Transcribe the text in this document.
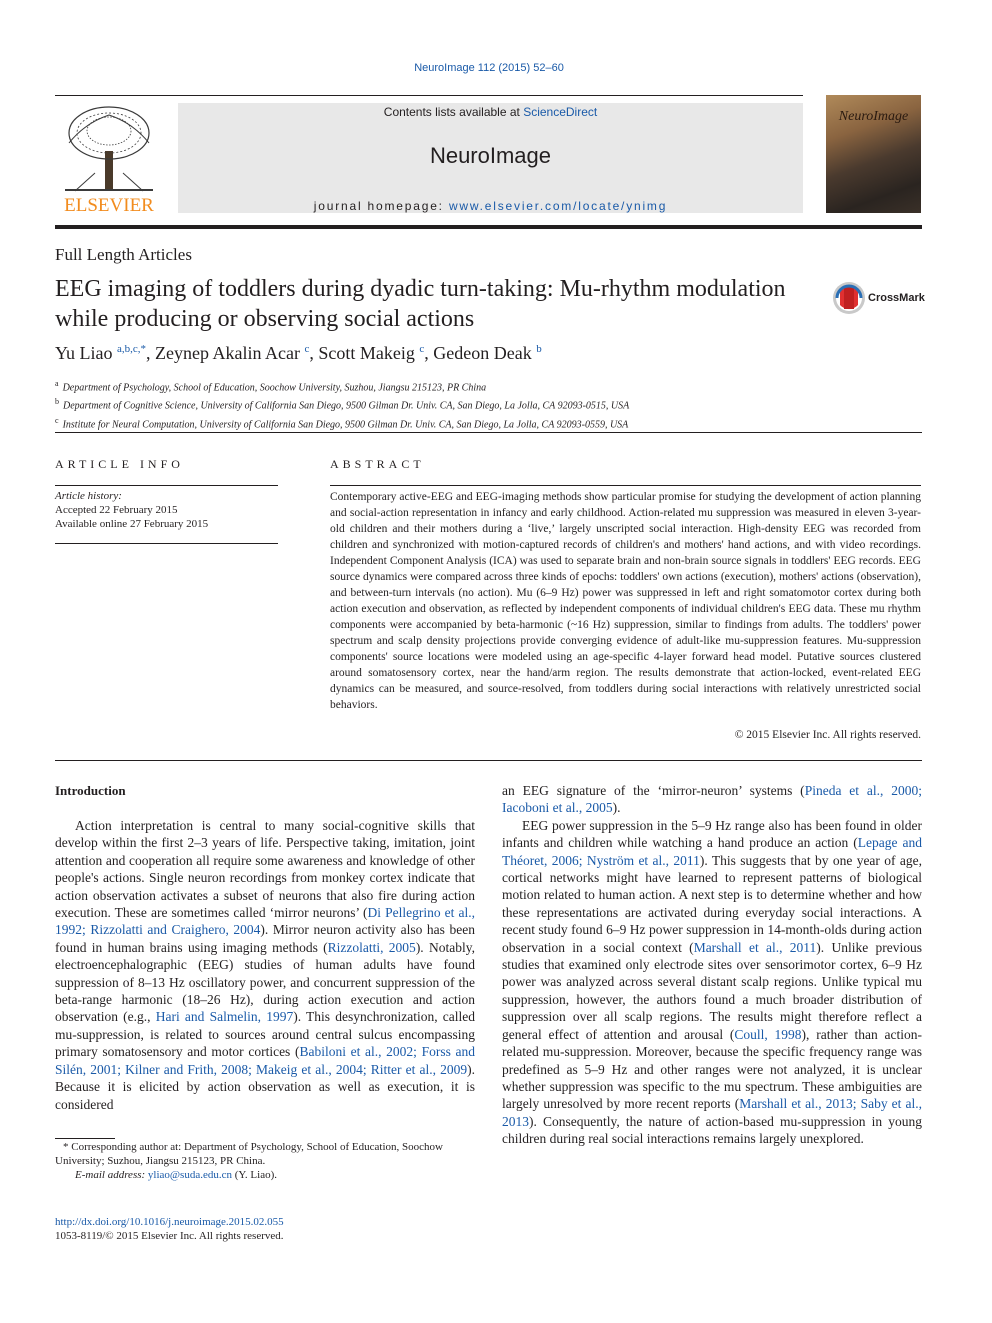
NeuroImage 112 (2015) 52–60
ELSEVIER
Contents lists available at ScienceDirect
NeuroImage
journal homepage: www.elsevier.com/locate/ynimg
NeuroImage
Full Length Articles
EEG imaging of toddlers during dyadic turn-taking: Mu-rhythm modulation while producing or observing social actions
CrossMark
Yu Liao $^{a,b,c,*}$, Zeynep Akalin Acar $^c$, Scott Makeig $^c$, Gedeon Deak $^b$
$^a$ Department of Psychology, School of Education, Soochow University, Suzhou, Jiangsu 215123, PR China
$^b$ Department of Cognitive Science, University of California San Diego, 9500 Gilman Dr. Univ. CA, San Diego, La Jolla, CA 92093-0515, USA
$^c$ Institute for Neural Computation, University of California San Diego, 9500 Gilman Dr. Univ. CA, San Diego, La Jolla, CA 92093-0559, USA
ARTICLE INFO
Article history:
Accepted 22 February 2015
Available online 27 February 2015
ABSTRACT
Contemporary active-EEG and EEG-imaging methods show particular promise for studying the development of action planning and social-action representation in infancy and early childhood. Action-related mu suppression was measured in eleven 3-year-old children and their mothers during a ‘live,’ largely unscripted social interaction. High-density EEG was recorded from children and synchronized with motion-captured records of children's and mothers' hand actions, and with video recordings. Independent Component Analysis (ICA) was used to separate brain and non-brain source signals in toddlers' EEG records. EEG source dynamics were compared across three kinds of epochs: toddlers' own actions (execution), mothers' actions (observation), and between-turn intervals (no action). Mu (6–9 Hz) power was suppressed in left and right somatomotor cortex during both action execution and observation, as reflected by independent components of individual children's EEG data. These mu rhythm components were accompanied by beta-harmonic (~16 Hz) suppression, similar to findings from adults. The toddlers' power spectrum and scalp density projections provide converging evidence of adult-like mu-suppression features. Mu-suppression components' source locations were modeled using an age-specific 4-layer forward head model. Putative sources clustered around somatosensory cortex, near the hand/arm region. The results demonstrate that action-locked, event-related EEG dynamics can be measured, and source-resolved, from toddlers during social interactions with relatively unrestricted social behaviors.
© 2015 Elsevier Inc. All rights reserved.
Introduction

Action interpretation is central to many social-cognitive skills that develop within the first 2–3 years of life. Perspective taking, imitation, joint attention and cooperation all require some awareness and knowledge of other people's actions. Single neuron recordings from monkey cortex indicate that action observation activates a subset of neurons that also fire during action execution. These are sometimes called ‘mirror neurons’ (Di Pellegrino et al., 1992; Rizzolatti and Craighero, 2004). Mirror neuron activity also has been found in human brains using imaging methods (Rizzolatti, 2005). Notably, electroencephalographic (EEG) studies of human adults have found suppression of 8–13 Hz oscillatory power, and concurrent suppression of the beta-range harmonic (18–26 Hz), during action execution and action observation (e.g., Hari and Salmelin, 1997). This desynchronization, called mu-suppression, is related to sources around central sulcus encompassing primary somatosensory and motor cortices (Babiloni et al., 2002; Forss and Silén, 2001; Kilner and Frith, 2008; Makeig et al., 2004; Ritter et al., 2009). Because it is elicited by action observation as well as execution, it is considered

an EEG signature of the ‘mirror-neuron’ systems (Pineda et al., 2000; Iacoboni et al., 2005).

EEG power suppression in the 5–9 Hz range also has been found in older infants and children while watching a hand produce an action (Lepage and Théoret, 2006; Nyström et al., 2011). This suggests that by one year of age, cortical networks might have learned to represent patterns of biological motion related to human action. A next step is to determine whether and how these representations are activated during everyday social interactions. A recent study found 6–9 Hz power suppression in 14-month-olds during action observation in a social context (Marshall et al., 2011). Unlike previous studies that examined only electrode sites over sensorimotor cortex, 6–9 Hz power was analyzed across several distant scalp regions. Unlike typical mu suppression, however, the authors found a much broader distribution of suppression over all scalp regions. The results might therefore reflect a general effect of attention and arousal (Coull, 1998), rather than action-related mu-suppression. Moreover, because the specific frequency range was predefined as 5–9 Hz and other ranges were not analyzed, it is unclear whether suppression was specific to the mu spectrum. These ambiguities are largely unresolved by more recent reports (Marshall et al., 2013; Saby et al., 2013). Consequently, the nature of action-based mu-suppression in young children during real social interactions remains largely unexplored.

* Corresponding author at: Department of Psychology, School of Education, Soochow University; Suzhou, Jiangsu 215123, PR China.
E-mail address: yliao@suda.edu.cn (Y. Liao).
http://dx.doi.org/10.1016/j.neuroimage.2015.02.055
1053-8119/© 2015 Elsevier Inc. All rights reserved.
